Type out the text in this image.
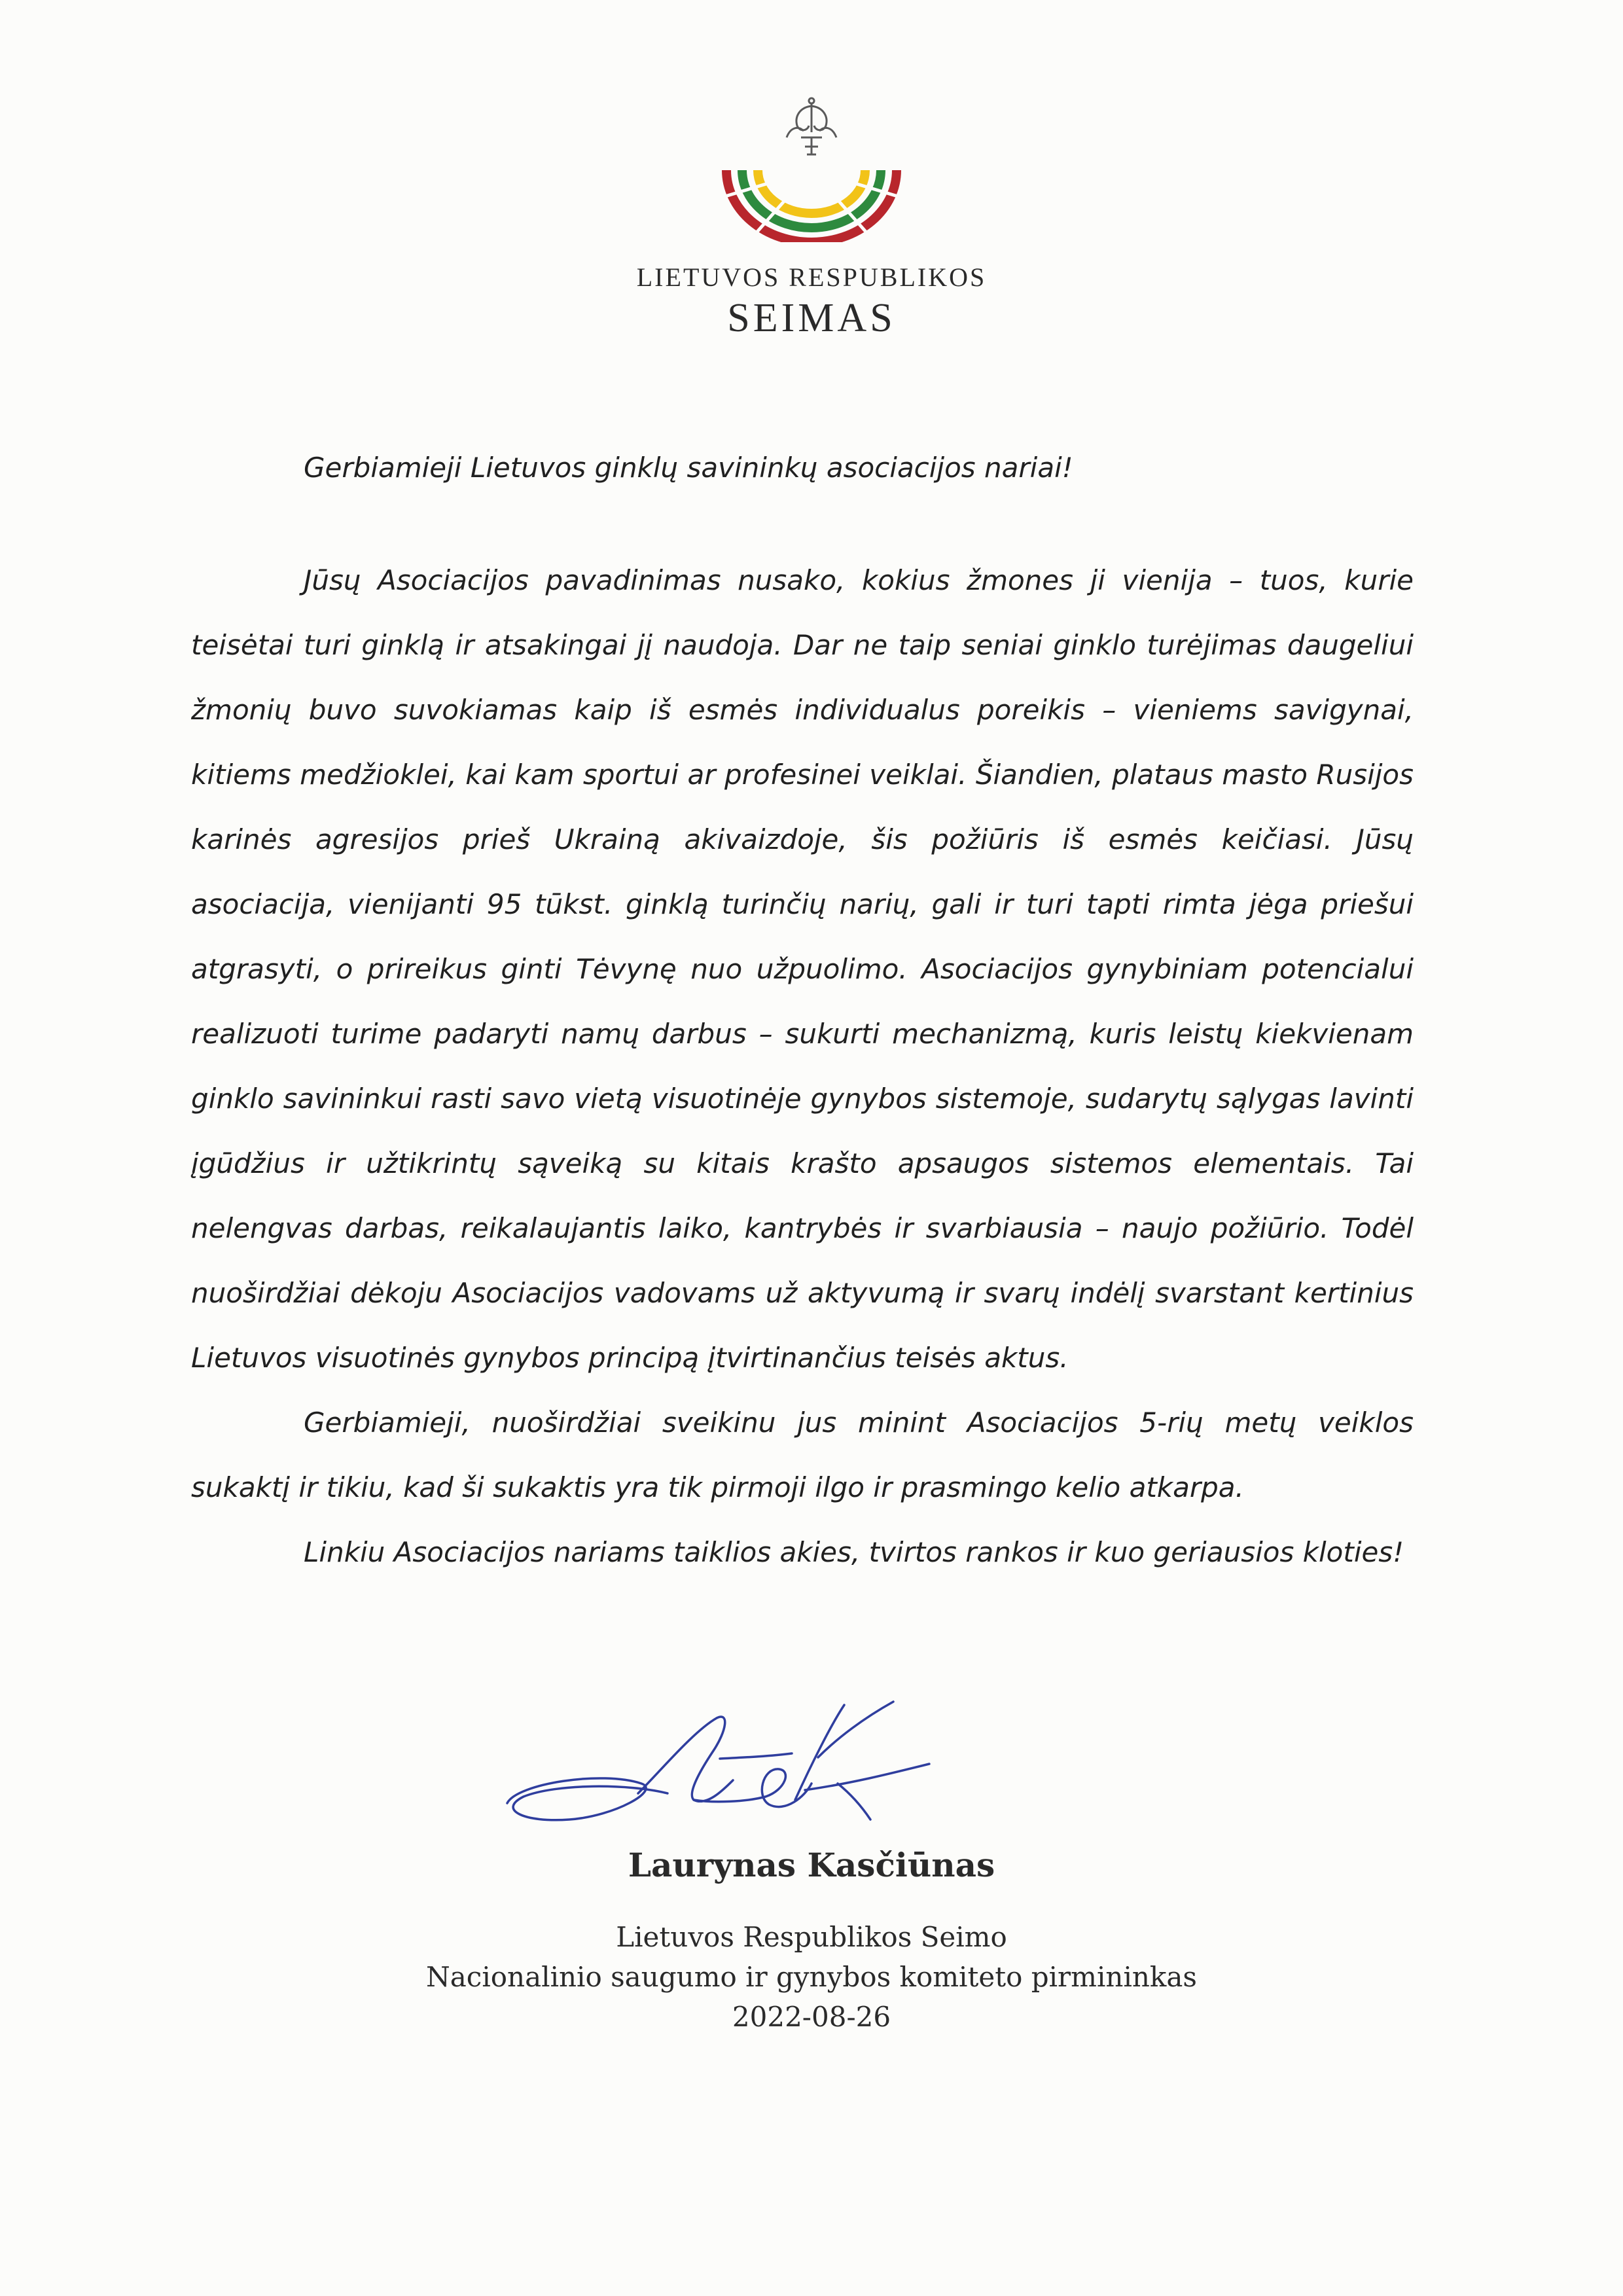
LIETUVOS RESPUBLIKOS
SEIMAS

Gerbiamieji Lietuvos ginklų savininkų asociacijos nariai!

Jūsų Asociacijos pavadinimas nusako, kokius žmones ji vienija – tuos, kurie teisėtai turi ginklą ir atsakingai jį naudoja. Dar ne taip seniai ginklo turėjimas daugeliui žmonių buvo suvokiamas kaip iš esmės individualus poreikis – vieniems savigynai, kitiems medžioklei, kai kam sportui ar profesinei veiklai. Šiandien, plataus masto Rusijos karinės agresijos prieš Ukrainą akivaizdoje, šis požiūris iš esmės keičiasi. Jūsų asociacija, vienijanti 95 tūkst. ginklą turinčių narių, gali ir turi tapti rimta jėga priešui atgrasyti, o prireikus ginti Tėvynę nuo užpuolimo. Asociacijos gynybiniam potencialui realizuoti turime padaryti namų darbus – sukurti mechanizmą, kuris leistų kiekvienam ginklo savininkui rasti savo vietą visuotinėje gynybos sistemoje, sudarytų sąlygas lavinti įgūdžius ir užtikrintų sąveiką su kitais krašto apsaugos sistemos elementais. Tai nelengvas darbas, reikalaujantis laiko, kantrybės ir svarbiausia – naujo požiūrio. Todėl nuoširdžiai dėkoju Asociacijos vadovams už aktyvumą ir svarų indėlį svarstant kertinius Lietuvos visuotinės gynybos principą įtvirtinančius teisės aktus.

Gerbiamieji, nuoširdžiai sveikinu jus minint Asociacijos 5-rių metų veiklos sukaktį ir tikiu, kad ši sukaktis yra tik pirmoji ilgo ir prasmingo kelio atkarpa.

Linkiu Asociacijos nariams taiklios akies, tvirtos rankos ir kuo geriausios kloties!

Laurynas Kasčiūnas
Lietuvos Respublikos Seimo
Nacionalinio saugumo ir gynybos komiteto pirmininkas
2022-08-26
